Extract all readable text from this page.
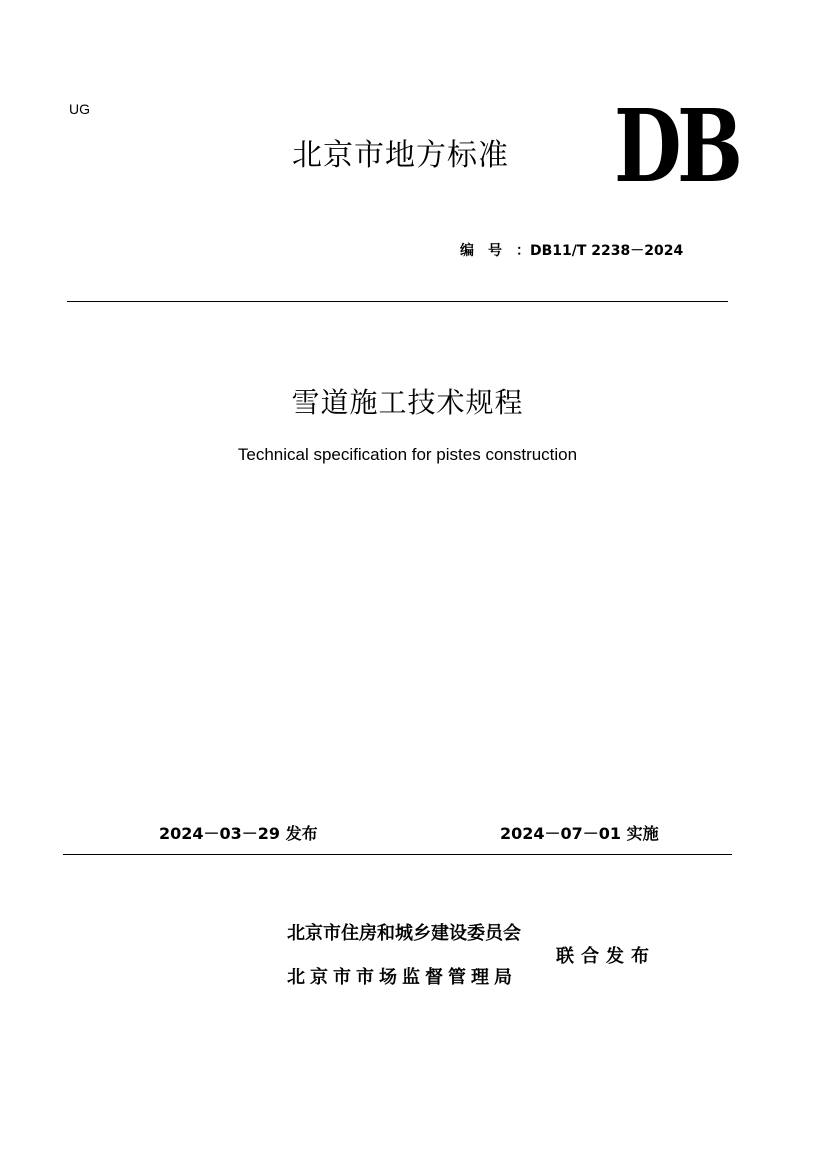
UG
北京市地方标准 DB
编号：DB11/T 2238－2024
雪道施工技术规程
Technical specification for pistes construction
2024－03－29 发布	2024－07－01 实施
北京市住房和城乡建设委员会
北京市市场监督管理局
联合发布
